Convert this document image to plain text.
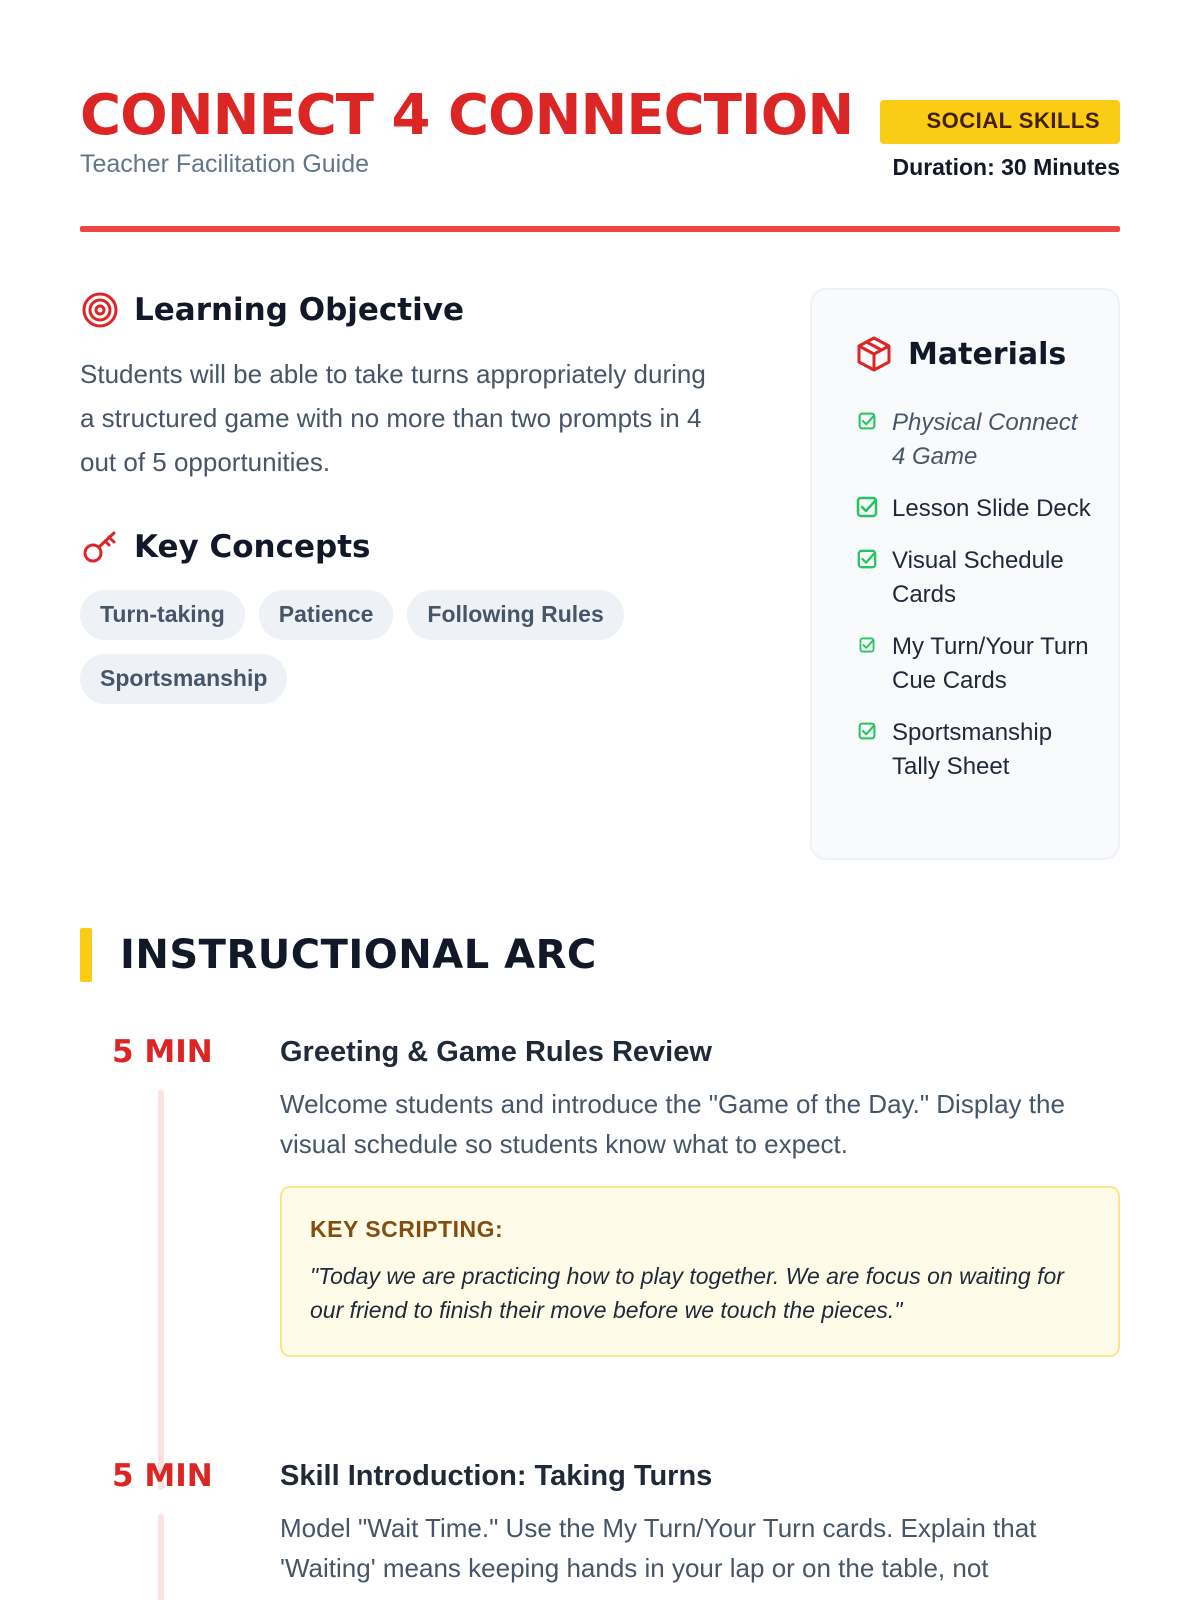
CONNECT 4 CONNECTION
Teacher Facilitation Guide
SOCIAL SKILLS
Duration: 30 Minutes
Learning Objective

Students will be able to take turns appropriately during a structured game with no more than two prompts in 4 out of 5 opportunities.

Key Concepts
Turn-taking	Patience	Following Rules
Sportsmanship
Materials
Physical Connect 4 Game
Lesson Slide Deck
Visual Schedule Cards
My Turn/Your Turn Cue Cards
Sportsmanship Tally Sheet
INSTRUCTIONAL ARC
5 MIN	Greeting & Game Rules Review

Welcome students and introduce the "Game of the Day." Display the visual schedule so students know what to expect.

KEY SCRIPTING:
"Today we are practicing how to play together. We are focus on waiting for our friend to finish their move before we touch the pieces."
5 MIN	Skill Introduction: Taking Turns

Model "Wait Time." Use the My Turn/Your Turn cards. Explain that 'Waiting' means keeping hands in your lap or on the table, not
